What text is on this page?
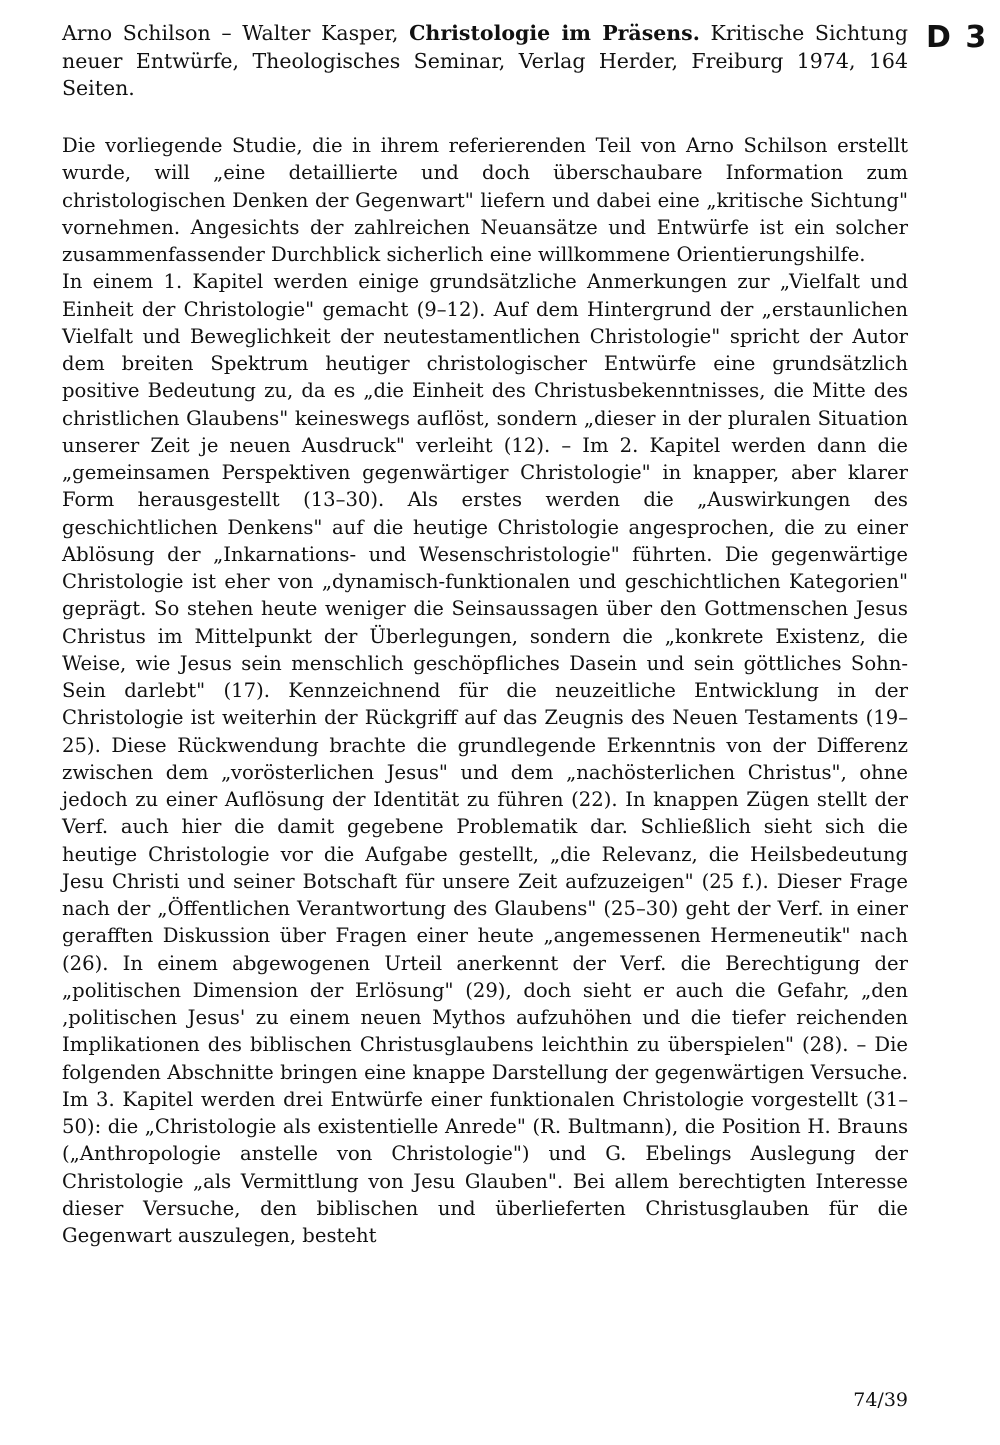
Arno Schilson – Walter Kasper, Christologie im Präsens. Kritische Sichtung neuer Entwürfe, Theologisches Seminar, Verlag Herder, Freiburg 1974, 164 Seiten.
D 3

Die vorliegende Studie, die in ihrem referierenden Teil von Arno Schilson erstellt wurde, will „eine detaillierte und doch überschaubare Information zum christologischen Denken der Gegenwart" liefern und dabei eine „kritische Sichtung" vornehmen. Angesichts der zahlreichen Neuansätze und Entwürfe ist ein solcher zusammenfassender Durchblick sicherlich eine willkommene Orientierungshilfe.

In einem 1. Kapitel werden einige grundsätzliche Anmerkungen zur „Vielfalt und Einheit der Christologie" gemacht (9–12). Auf dem Hintergrund der „erstaunlichen Vielfalt und Beweglichkeit der neutestamentlichen Christologie" spricht der Autor dem breiten Spektrum heutiger christologischer Entwürfe eine grundsätzlich positive Bedeutung zu, da es „die Einheit des Christusbekenntnisses, die Mitte des christlichen Glaubens" keineswegs auflöst, sondern „dieser in der pluralen Situation unserer Zeit je neuen Ausdruck" verleiht (12). – Im 2. Kapitel werden dann die „gemeinsamen Perspektiven gegenwärtiger Christologie" in knapper, aber klarer Form herausgestellt (13–30). Als erstes werden die „Auswirkungen des geschichtlichen Denkens" auf die heutige Christologie angesprochen, die zu einer Ablösung der „Inkarnations- und Wesenschristologie" führten. Die gegenwärtige Christologie ist eher von „dynamisch-funktionalen und geschichtlichen Kategorien" geprägt. So stehen heute weniger die Seinsaussagen über den Gottmenschen Jesus Christus im Mittelpunkt der Überlegungen, sondern die „konkrete Existenz, die Weise, wie Jesus sein menschlich geschöpfliches Dasein und sein göttliches Sohn-Sein darlebt" (17). Kennzeichnend für die neuzeitliche Entwicklung in der Christologie ist weiterhin der Rückgriff auf das Zeugnis des Neuen Testaments (19–25). Diese Rückwendung brachte die grundlegende Erkenntnis von der Differenz zwischen dem „vorösterlichen Jesus" und dem „nachösterlichen Christus", ohne jedoch zu einer Auflösung der Identität zu führen (22). In knappen Zügen stellt der Verf. auch hier die damit gegebene Problematik dar. Schließlich sieht sich die heutige Christologie vor die Aufgabe gestellt, „die Relevanz, die Heilsbedeutung Jesu Christi und seiner Botschaft für unsere Zeit aufzuzeigen" (25 f.). Dieser Frage nach der „Öffentlichen Verantwortung des Glaubens" (25–30) geht der Verf. in einer gerafften Diskussion über Fragen einer heute „angemessenen Hermeneutik" nach (26). In einem abgewogenen Urteil anerkennt der Verf. die Berechtigung der „politischen Dimension der Erlösung" (29), doch sieht er auch die Gefahr, „den ‚politischen Jesus' zu einem neuen Mythos aufzuhöhen und die tiefer reichenden Implikationen des biblischen Christusglaubens leichthin zu überspielen" (28). – Die folgenden Abschnitte bringen eine knappe Darstellung der gegenwärtigen Versuche. Im 3. Kapitel werden drei Entwürfe einer funktionalen Christologie vorgestellt (31–50): die „Christologie als existentielle Anrede" (R. Bultmann), die Position H. Brauns („Anthropologie anstelle von Christologie") und G. Ebelings Auslegung der Christologie „als Vermittlung von Jesu Glauben". Bei allem berechtigten Interesse dieser Versuche, den biblischen und überlieferten Christusglauben für die Gegenwart auszulegen, besteht

74/39
